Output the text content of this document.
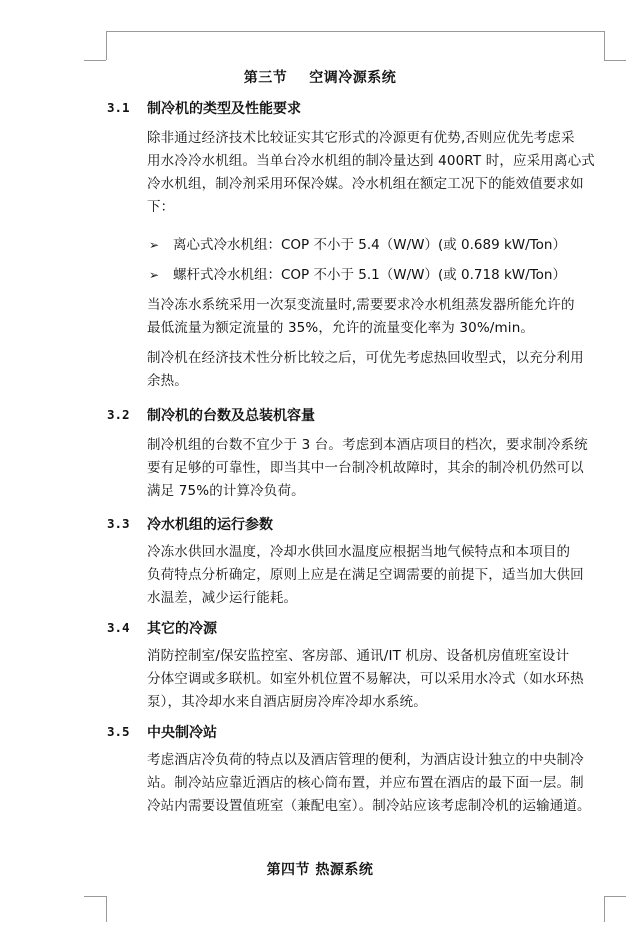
第三节 空调冷源系统
3.1 制冷机的类型及性能要求

除非通过经济技术比较证实其它形式的冷源更有优势,否则应优先考虑采
用水冷冷水机组。当单台冷水机组的制冷量达到 400RT 时，应采用离心式
冷水机组，制冷剂采用环保冷媒。冷水机组在额定工况下的能效值要求如
下：

➢ 离心式冷水机组：COP 不小于 5.4（W/W）(或 0.689 kW/Ton）
➢ 螺杆式冷水机组：COP 不小于 5.1（W/W）(或 0.718 kW/Ton）

当冷冻水系统采用一次泵变流量时,需要要求冷水机组蒸发器所能允许的
最低流量为额定流量的 35%，允许的流量变化率为 30%/min。

制冷机在经济技术性分析比较之后，可优先考虑热回收型式，以充分利用
余热。

3.2 制冷机的台数及总装机容量

制冷机组的台数不宜少于 3 台。考虑到本酒店项目的档次，要求制冷系统
要有足够的可靠性，即当其中一台制冷机故障时，其余的制冷机仍然可以
满足 75%的计算冷负荷。

3.3 冷水机组的运行参数

冷冻水供回水温度，冷却水供回水温度应根据当地气候特点和本项目的
负荷特点分析确定，原则上应是在满足空调需要的前提下，适当加大供回
水温差，减少运行能耗。

3.4 其它的冷源

消防控制室/保安监控室、客房部、通讯/IT 机房、设备机房值班室设计
分体空调或多联机。如室外机位置不易解决，可以采用水冷式（如水环热
泵），其冷却水来自酒店厨房冷库冷却水系统。

3.5 中央制冷站

考虑酒店冷负荷的特点以及酒店管理的便利，为酒店设计独立的中央制冷
站。制冷站应靠近酒店的核心筒布置，并应布置在酒店的最下面一层。制
冷站内需要设置值班室（兼配电室）。制冷站应该考虑制冷机的运输通道。

第四节 热源系统
